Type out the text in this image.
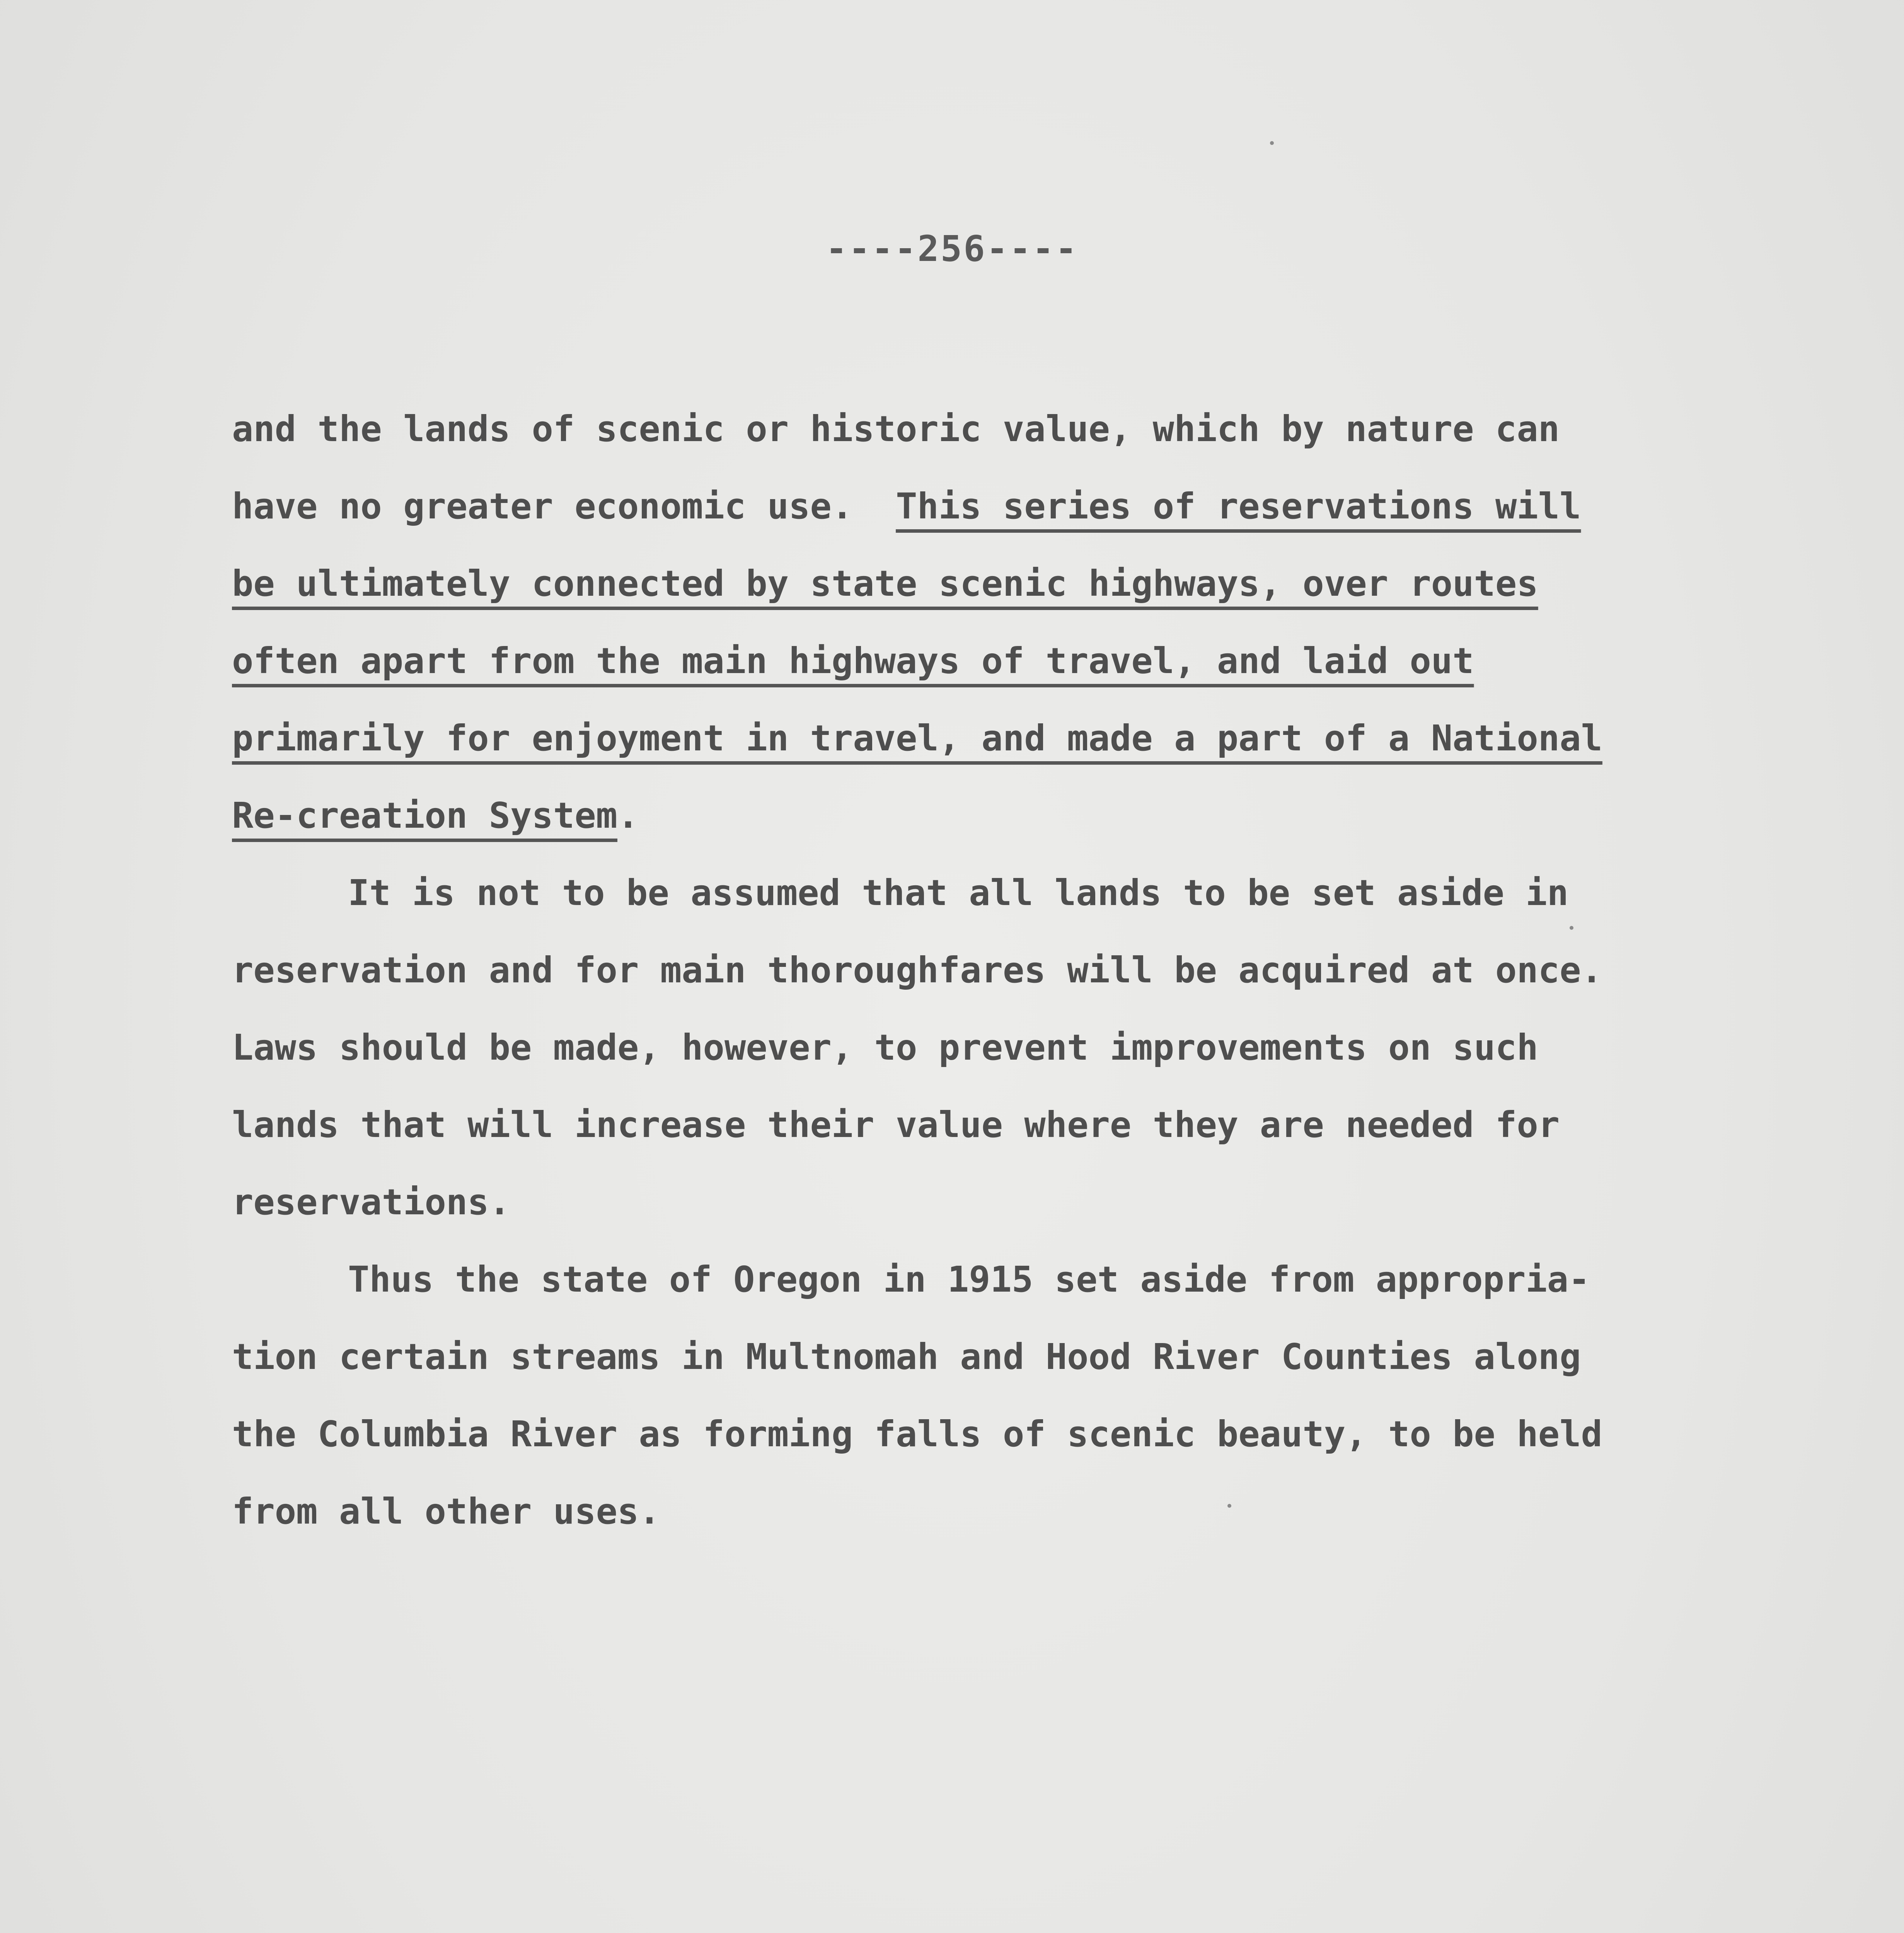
----256----
and the lands of scenic or historic value, which by nature can
have no greater economic use.  This series of reservations will
be ultimately connected by state scenic highways, over routes
often apart from the main highways of travel, and laid out
primarily for enjoyment in travel, and made a part of a National
Re-creation System.
It is not to be assumed that all lands to be set aside in
reservation and for main thoroughfares will be acquired at once.
Laws should be made, however, to prevent improvements on such
lands that will increase their value where they are needed for
reservations.
Thus the state of Oregon in 1915 set aside from appropria-
tion certain streams in Multnomah and Hood River Counties along
the Columbia River as forming falls of scenic beauty, to be held
from all other uses.
